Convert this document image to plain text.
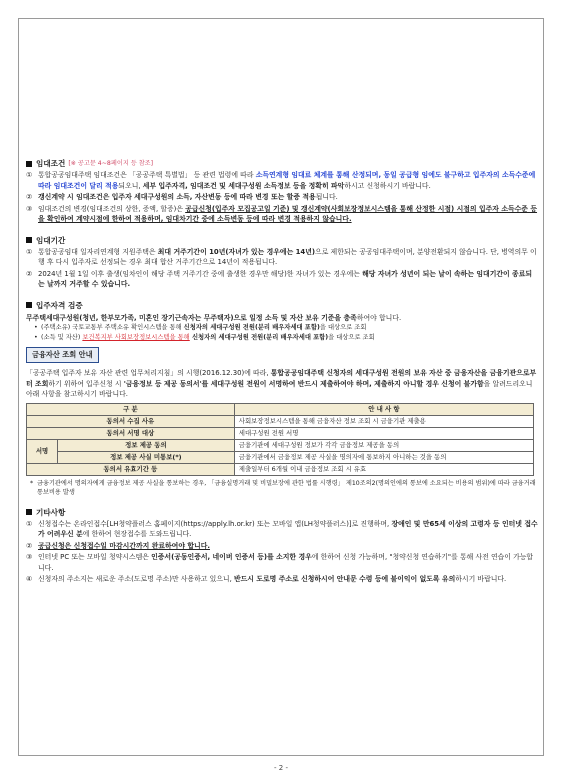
임대조건 [※ 공고문 4~8페이지 등 참조]
① 통합공공임대주택 임대조건은 「공공주택 특별법」 등 관련 법령에 따라 소득연계형 임대료 체계를 통해 산정되며, 동일 공급형 임에도 불구하고 입주자의 소득수준에 따라 임대조건이 달리 적용되오니, 세부 입주자격, 임대조건 및 세대구성원 소득정보 등을 정확히 파악하시고 신청하시기 바랍니다.
② 갱신계약 시 임대조건은 입주자 세대구성원의 소득, 자산변동 등에 따라 변경 또는 할증 적용됩니다.
③ 임대조건의 변경(임대조건의 상한, 증액, 할증)은 공급신청(입주자 모집공고일 기준) 및 갱신계약(사회보장정보시스템을 통해 산정한 시점) 시점의 입주자 소득수준 등을 확인하여 계약시점에 한하여 적용하며, 임대차기간 중에 소득변동 등에 따라 변경 적용하지 않습니다.
임대기간
① 통합공공임대 일자리연계형 지원주택은 최대 거주기간이 10년(자녀가 있는 경우에는 14년)으로 제한되는 공공임대주택이며, 분양전환되지 않습니다. 단, 병역의무 이행 후 다시 입주자로 선정되는 경우 최대 합산 거주기간으로 14년이 적용됩니다.
② 2024년 1월 1일 이후 출생(임차인이 해당 주택 거주기간 중에 출생한 경우만 해당)한 자녀가 있는 경우에는 해당 자녀가 성년이 되는 날이 속하는 임대기간이 종료되는 날까지 거주할 수 있습니다.
입주자격 검증
무주택세대구성원(청년, 한부모가족, 미혼인 장기근속자는 무주택자)으로 일정 소득 및 자산 보유 기준을 충족하여야 합니다.
• (주택소유) 국토교통부 주택소유 확인시스템을 통해 신청자의 세대구성원 전원(분리 배우자세대 포함)을 대상으로 조회
• (소득 및 자산) 보건복지부 사회보장정보시스템을 통해 신청자의 세대구성원 전원(분리 배우자세대 포함)을 대상으로 조회
금융자산 조회 안내
「공공주택 입주자 보유 자산 관련 업무처리지침」의 시행(2016.12.30)에 따라, 통합공공임대주택 신청자의 세대구성원 전원의 보유 자산 중 금융자산을 금융기관으로부터 조회하기 위하여 입주신청 시 '금융정보 등 제공 동의서'를 세대구성원 전원이 서명하여 반드시 제출하여야 하며, 제출하지 아니할 경우 신청이 불가함을 알려드리오니 아래 사항을 참고하시기 바랍니다.
구 분		안 내 사 항
동의서 수집 사유		사회보장정보시스템을 통해 금융자산 정보 조회 시 금융기관 제출용
동의서 서명 대상		세대구성원 전원 서명
서명	정보 제공 동의	금융기관에 세대구성원 정보가 각각 금융정보 제공을 동의
	정보 제공 사실 미통보(*)	금융기관에서 금융정보 제공 사실을 명의자에 통보하지 아니하는 것을 동의
동의서 유효기간 등		제출일부터 6개월 이내 금융정보 조회 시 유효
* 금융기관에서 명의자에게 금융정보 제공 사실을 통보하는 경우, 「금융실명거래 및 비밀보장에 관한 법률 시행령」 제10조의2(명의인에의 통보에 소요되는 비용의 범위)에 따라 금융거래 통보비용 발생
기타사항
① 신청접수는 온라인접수[LH청약플러스 홈페이지(https://apply.lh.or.kr) 또는 모바일 앱(LH청약플러스)]로 진행하며, 장애인 및 만65세 이상의 고령자 등 인터넷 접수가 어려우신 분에 한하여 현장접수를 도와드립니다.
② 공급신청은 신청접수일 마감시간까지 완료하여야 합니다.
③ 인터넷 PC 또는 모바일 청약시스템은 인증서(공동인증서, 네이버 인증서 등)를 소지한 경우에 한하여 신청 가능하며, "청약신청 연습하기"를 통해 사전 연습이 가능합니다.
④ 신청자의 주소지는 새로운 주소(도로명 주소)만 사용하고 있으니, 반드시 도로명 주소로 신청하시어 안내문 수령 등에 불이익이 없도록 유의하시기 바랍니다.
- 2 -
